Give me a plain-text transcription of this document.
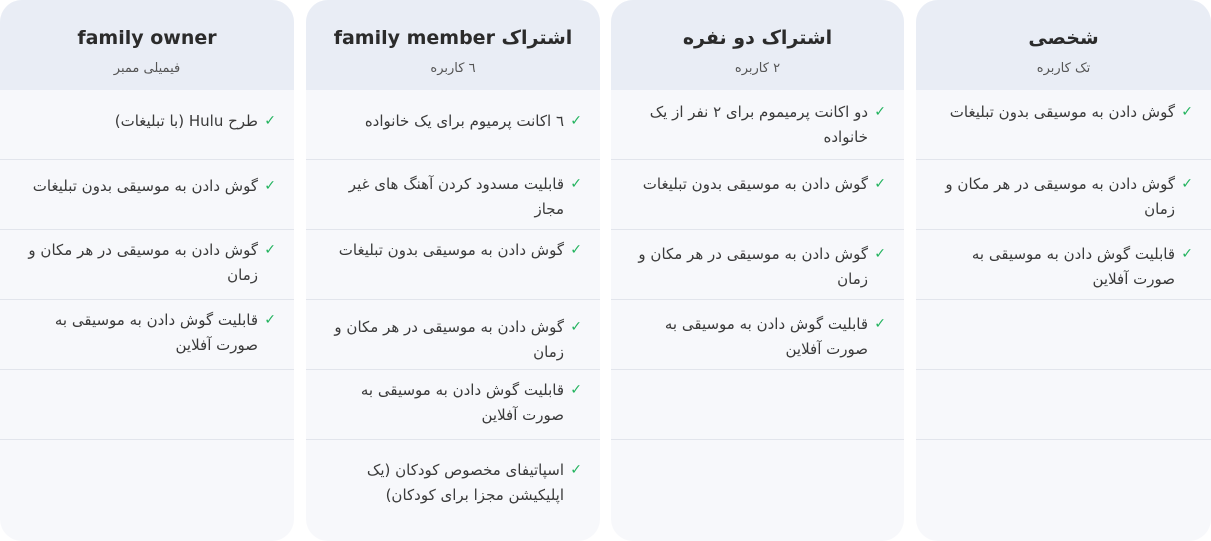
شخصی
تک کاربره
✓
گوش دادن به موسیقی بدون تبلیغات
✓
گوش دادن به موسیقی در هر مکان و زمان
✓
قابلیت گوش دادن به موسیقی به صورت آفلاین
اشتراک دو نفره
۲ کاربره
✓
دو اکانت پرمیموم برای ۲ نفر از یک خانواده
✓
گوش دادن به موسیقی بدون تبلیغات
✓
گوش دادن به موسیقی در هر مکان و زمان
✓
قابلیت گوش دادن به موسیقی به صورت آفلاین
اشتراک family member
٦ کاربره
✓
٦ اکانت پرمیوم برای یک خانواده
✓
قابلیت مسدود کردن آهنگ های غیر مجاز
✓
گوش دادن به موسیقی بدون تبلیغات
✓
گوش دادن به موسیقی در هر مکان و زمان
✓
قابلیت گوش دادن به موسیقی به صورت آفلاین
✓
اسپاتیفای مخصوص کودکان (یک اپلیکیشن مجزا برای کودکان)
family owner
فیمیلی ممبر
✓
طرح Hulu (با تبلیغات)
✓
گوش دادن به موسیقی بدون تبلیغات
✓
گوش دادن به موسیقی در هر مکان و زمان
✓
قابلیت گوش دادن به موسیقی به صورت آفلاین
